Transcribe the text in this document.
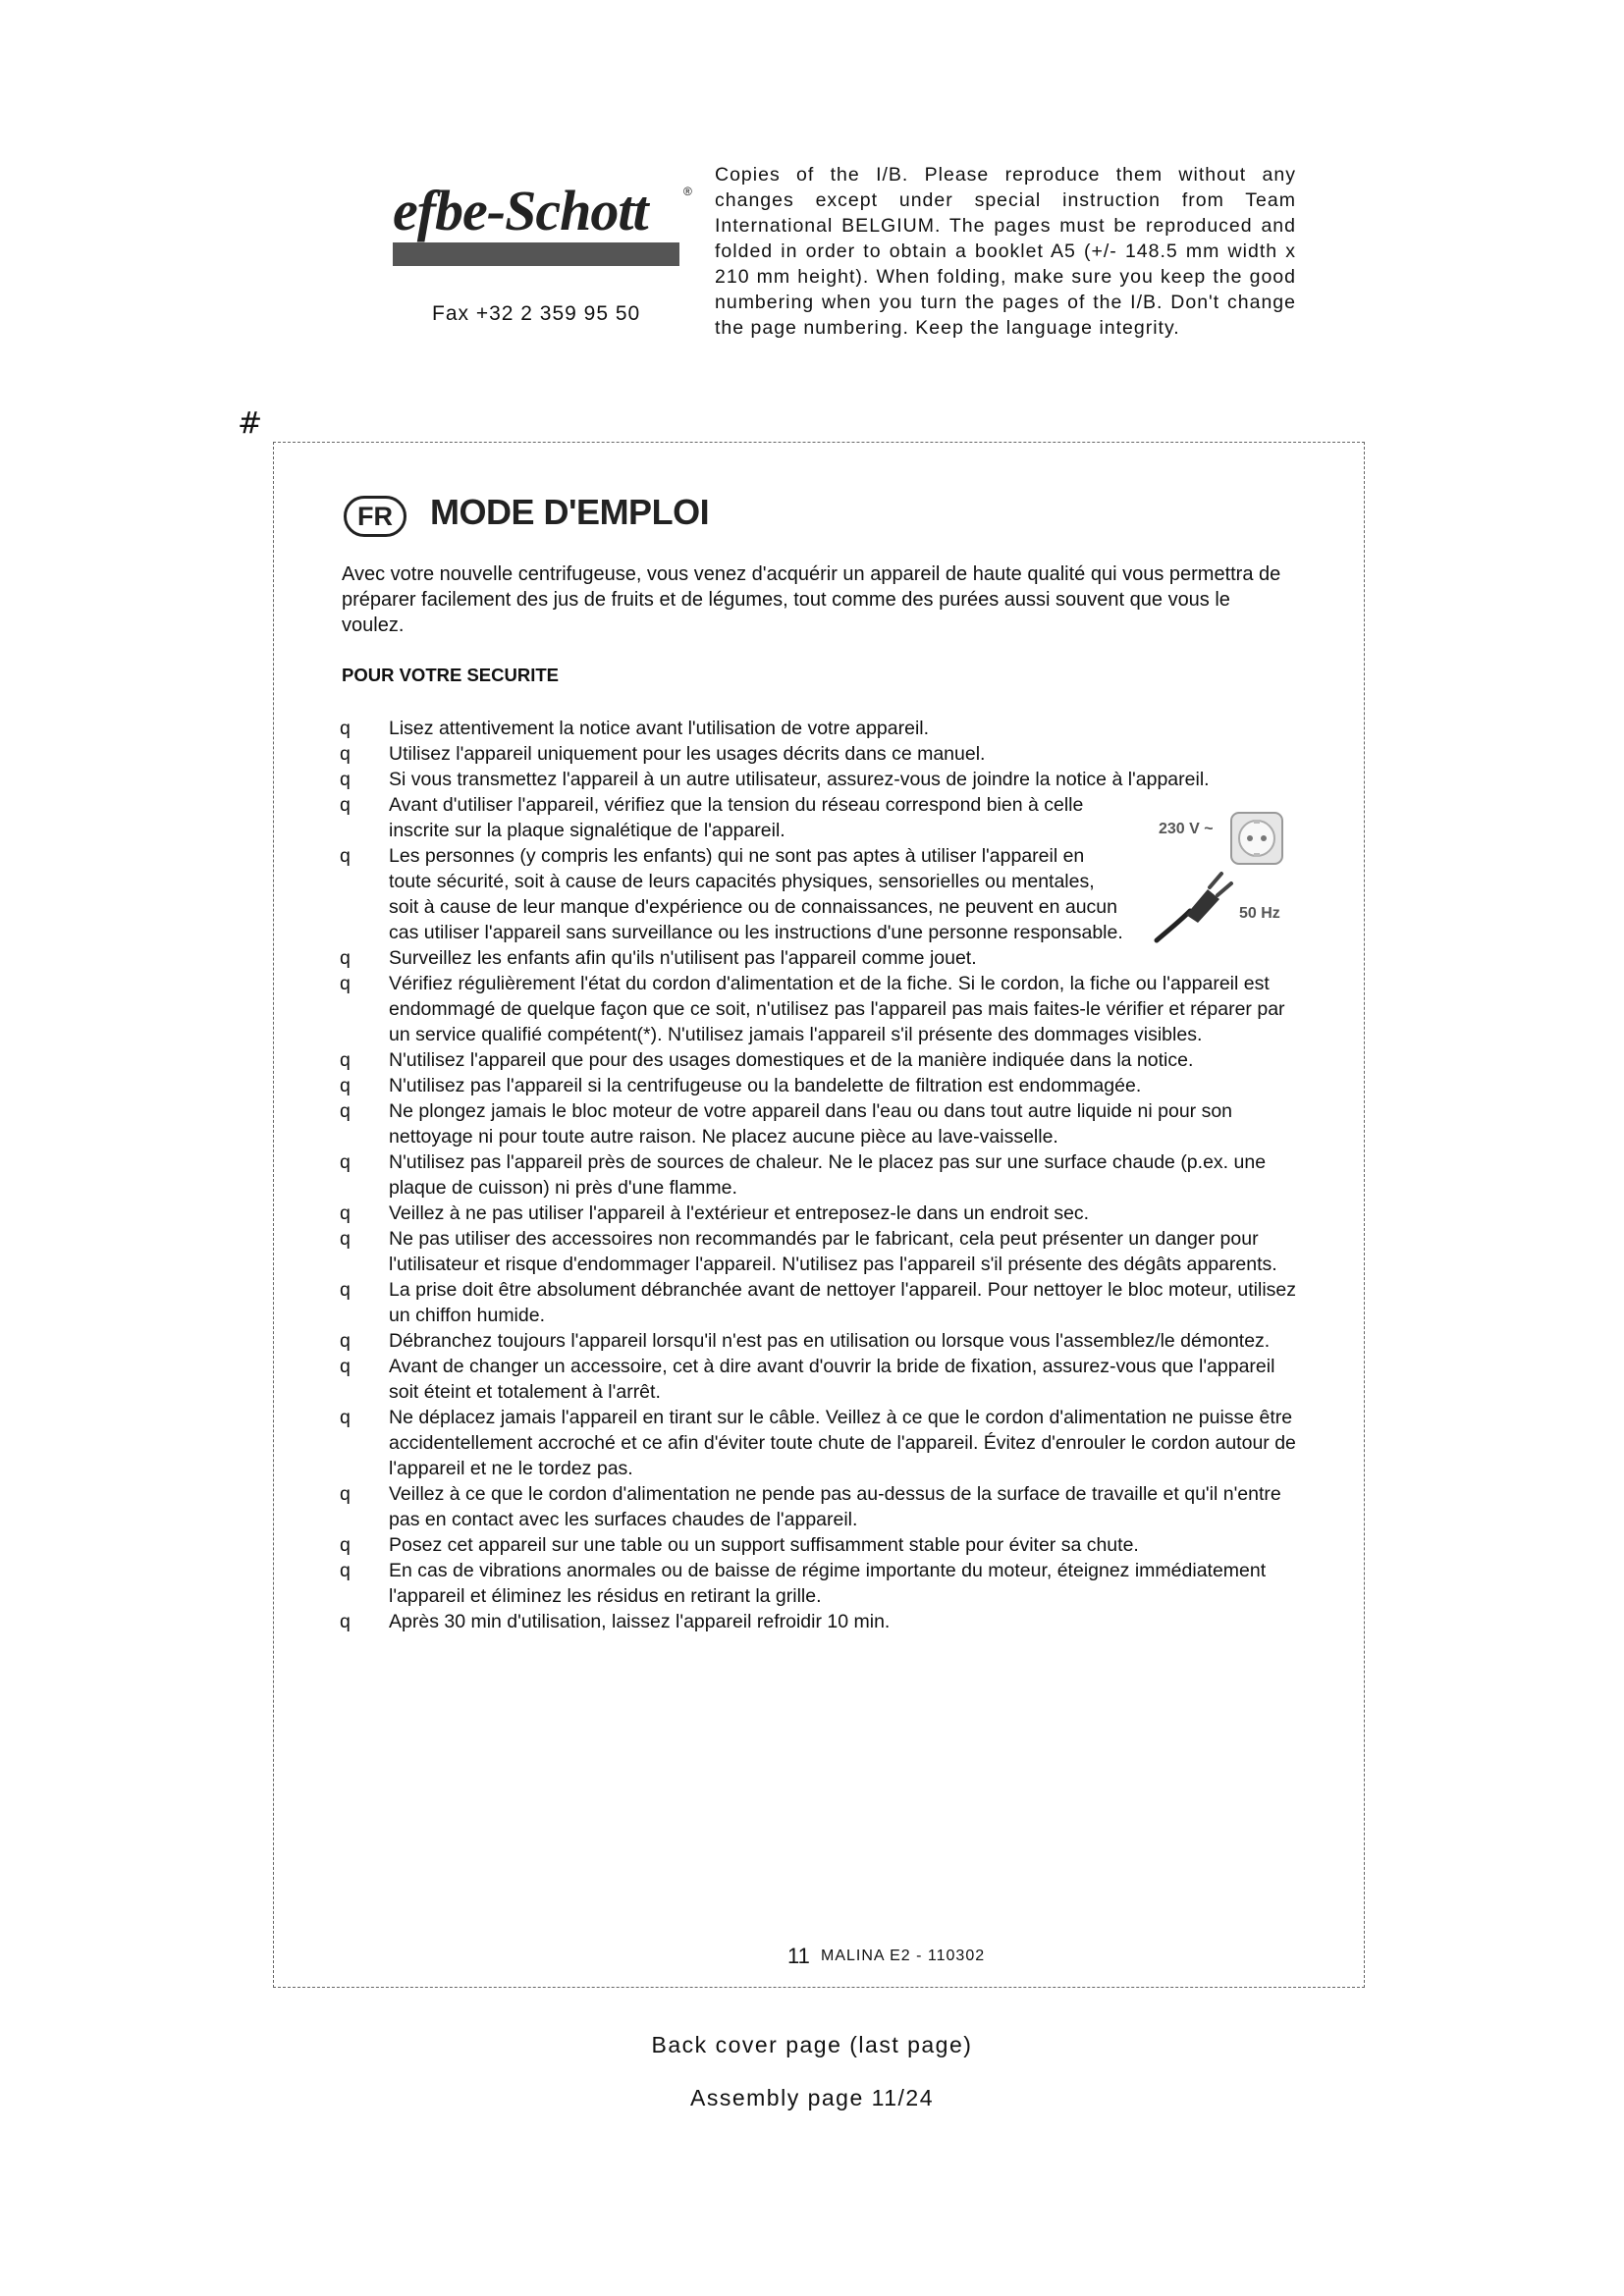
efbe-Schott	®
Fax +32 2 359 95 50
Copies of the I/B. Please reproduce them without any changes except under special instruction from Team International BELGIUM. The pages must be reproduced and folded in order to obtain a booklet A5 (+/- 148.5 mm width x 210 mm height). When folding, make sure you keep the good numbering when you turn the pages of the I/B. Don't change the page numbering. Keep the language integrity.
#
FR	MODE D'EMPLOI
Avec votre nouvelle centrifugeuse, vous venez d'acquérir un appareil de haute qualité qui vous permettra de préparer facilement des jus de fruits et de légumes, tout comme des purées aussi souvent que vous le voulez.
POUR VOTRE SECURITE
q Lisez attentivement la notice avant l'utilisation de votre appareil.
q Utilisez l'appareil uniquement pour les usages décrits dans ce manuel.
q Si vous transmettez l'appareil à un autre utilisateur, assurez-vous de joindre la notice à l'appareil.
q Avant d'utiliser l'appareil, vérifiez que la tension du réseau correspond bien à celle inscrite sur la plaque signalétique de l'appareil.
q Les personnes (y compris les enfants) qui ne sont pas aptes à utiliser l'appareil en toute sécurité, soit à cause de leurs capacités physiques, sensorielles ou mentales, soit à cause de leur manque d'expérience ou de connaissances, ne peuvent en aucun cas utiliser l'appareil sans surveillance ou les instructions d'une personne responsable.
q Surveillez les enfants afin qu'ils n'utilisent pas l'appareil comme jouet.
q Vérifiez régulièrement l'état du cordon d'alimentation et de la fiche. Si le cordon, la fiche ou l'appareil est endommagé de quelque façon que ce soit, n'utilisez pas l'appareil pas mais faites-le vérifier et réparer par un service qualifié compétent(*). N'utilisez jamais l'appareil s'il présente des dommages visibles.
q N'utilisez l'appareil que pour des usages domestiques et de la manière indiquée dans la notice.
q N'utilisez pas l'appareil si la centrifugeuse ou la bandelette de filtration est endommagée.
q Ne plongez jamais le bloc moteur de votre appareil dans l'eau ou dans tout autre liquide ni pour son nettoyage ni pour toute autre raison. Ne placez aucune pièce au lave-vaisselle.
q N'utilisez pas l'appareil près de sources de chaleur. Ne le placez pas sur une surface chaude (p.ex. une plaque de cuisson) ni près d'une flamme.
q Veillez à ne pas utiliser l'appareil à l'extérieur et entreposez-le dans un endroit sec.
q Ne pas utiliser des accessoires non recommandés par le fabricant, cela peut présenter un danger pour l'utilisateur et risque d'endommager l'appareil. N'utilisez pas l'appareil s'il présente des dégâts apparents.
q La prise doit être absolument débranchée avant de nettoyer l'appareil. Pour nettoyer le bloc moteur, utilisez un chiffon humide.
q Débranchez toujours l'appareil lorsqu'il n'est pas en utilisation ou lorsque vous l'assemblez/le démontez.
q Avant de changer un accessoire, cet à dire avant d'ouvrir la bride de fixation, assurez-vous que l'appareil soit éteint et totalement à l'arrêt.
q Ne déplacez jamais l'appareil en tirant sur le câble. Veillez à ce que le cordon d'alimentation ne puisse être accidentellement accroché et ce afin d'éviter toute chute de l'appareil. Évitez d'enrouler le cordon autour de l'appareil et ne le tordez pas.
q Veillez à ce que le cordon d'alimentation ne pende pas au-dessus de la surface de travaille et qu'il n'entre pas en contact avec les surfaces chaudes de l'appareil.
q Posez cet appareil sur une table ou un support suffisamment stable pour éviter sa chute.
q En cas de vibrations anormales ou de baisse de régime importante du moteur, éteignez immédiatement l'appareil et éliminez les résidus en retirant la grille.
q Après 30 min d'utilisation, laissez l'appareil refroidir 10 min.
230 V ~
50 Hz
11 MALINA E2 - 110302
Back cover page (last page)
Assembly page 11/24
